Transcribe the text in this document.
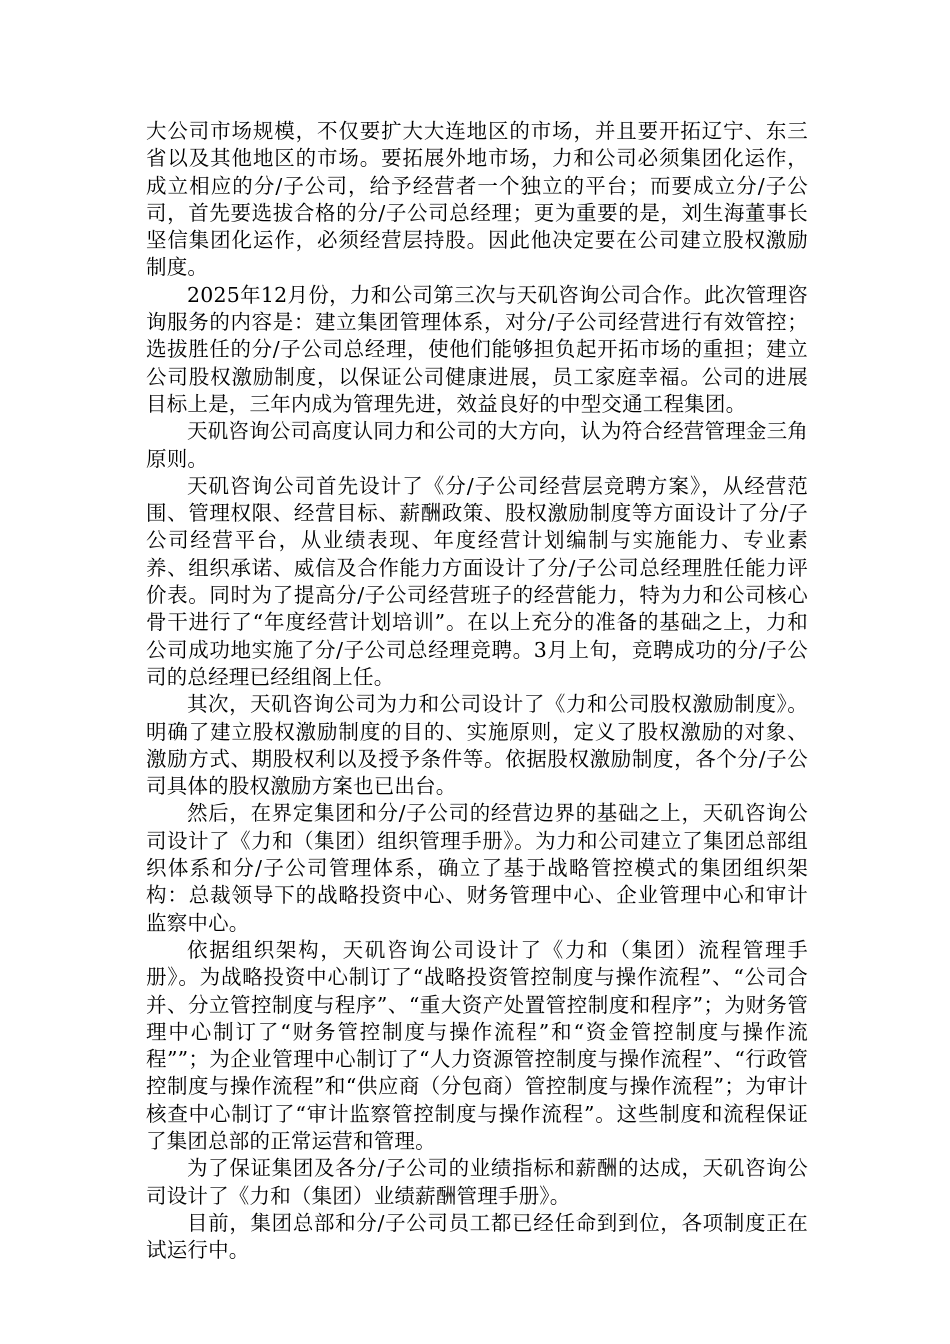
大公司市场规模，不仅要扩大大连地区的市场，并且要开拓辽宁、东三省以及其他地区的市场。要拓展外地市场，力和公司必须集团化运作，成立相应的分/子公司，给予经营者一个独立的平台；而要成立分/子公司，首先要选拔合格的分/子公司总经理；更为重要的是，刘生海董事长坚信集团化运作，必须经营层持股。因此他决定要在公司建立股权激励制度。

2025年12月份，力和公司第三次与天矶咨询公司合作。此次管理咨询服务的内容是：建立集团管理体系，对分/子公司经营进行有效管控；选拔胜任的分/子公司总经理，使他们能够担负起开拓市场的重担；建立公司股权激励制度，以保证公司健康进展，员工家庭幸福。公司的进展目标上是，三年内成为管理先进，效益良好的中型交通工程集团。

天矶咨询公司高度认同力和公司的大方向，认为符合经营管理金三角原则。

天矶咨询公司首先设计了《分/子公司经营层竞聘方案》，从经营范围、管理权限、经营目标、薪酬政策、股权激励制度等方面设计了分/子公司经营平台，从业绩表现、年度经营计划编制与实施能力、专业素养、组织承诺、威信及合作能力方面设计了分/子公司总经理胜任能力评价表。同时为了提高分/子公司经营班子的经营能力，特为力和公司核心骨干进行了“年度经营计划培训”。在以上充分的准备的基础之上，力和公司成功地实施了分/子公司总经理竞聘。3月上旬，竞聘成功的分/子公司的总经理已经组阁上任。

其次，天矶咨询公司为力和公司设计了《力和公司股权激励制度》。明确了建立股权激励制度的目的、实施原则，定义了股权激励的对象、激励方式、期股权利以及授予条件等。依据股权激励制度，各个分/子公司具体的股权激励方案也已出台。

然后，在界定集团和分/子公司的经营边界的基础之上，天矶咨询公司设计了《力和（集团）组织管理手册》。为力和公司建立了集团总部组织体系和分/子公司管理体系，确立了基于战略管控模式的集团组织架构：总裁领导下的战略投资中心、财务管理中心、企业管理中心和审计监察中心。

依据组织架构，天矶咨询公司设计了《力和（集团）流程管理手册》。为战略投资中心制订了“战略投资管控制度与操作流程”、“公司合并、分立管控制度与程序”、“重大资产处置管控制度和程序”；为财务管理中心制订了“财务管控制度与操作流程”和“资金管控制度与操作流程””；为企业管理中心制订了“人力资源管控制度与操作流程”、“行政管控制度与操作流程”和“供应商（分包商）管控制度与操作流程”；为审计核查中心制订了“审计监察管控制度与操作流程”。这些制度和流程保证了集团总部的正常运营和管理。

为了保证集团及各分/子公司的业绩指标和薪酬的达成，天矶咨询公司设计了《力和（集团）业绩薪酬管理手册》。

目前，集团总部和分/子公司员工都已经任命到到位，各项制度正在试运行中。
